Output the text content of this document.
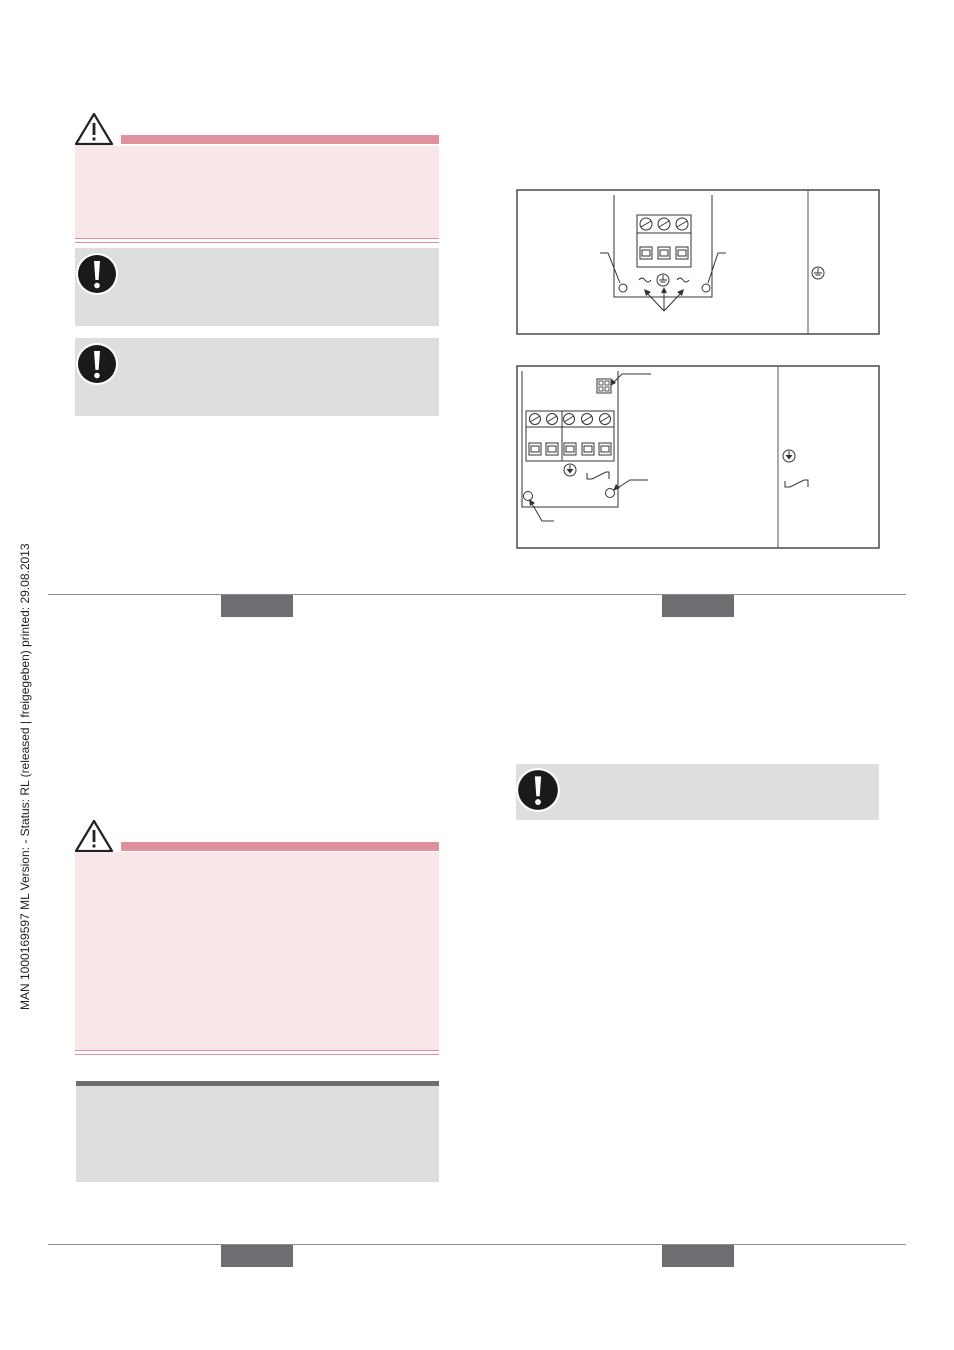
MAN 1000169597 ML Version: - Status: RL (released | freigegeben) printed: 29.08.2013
